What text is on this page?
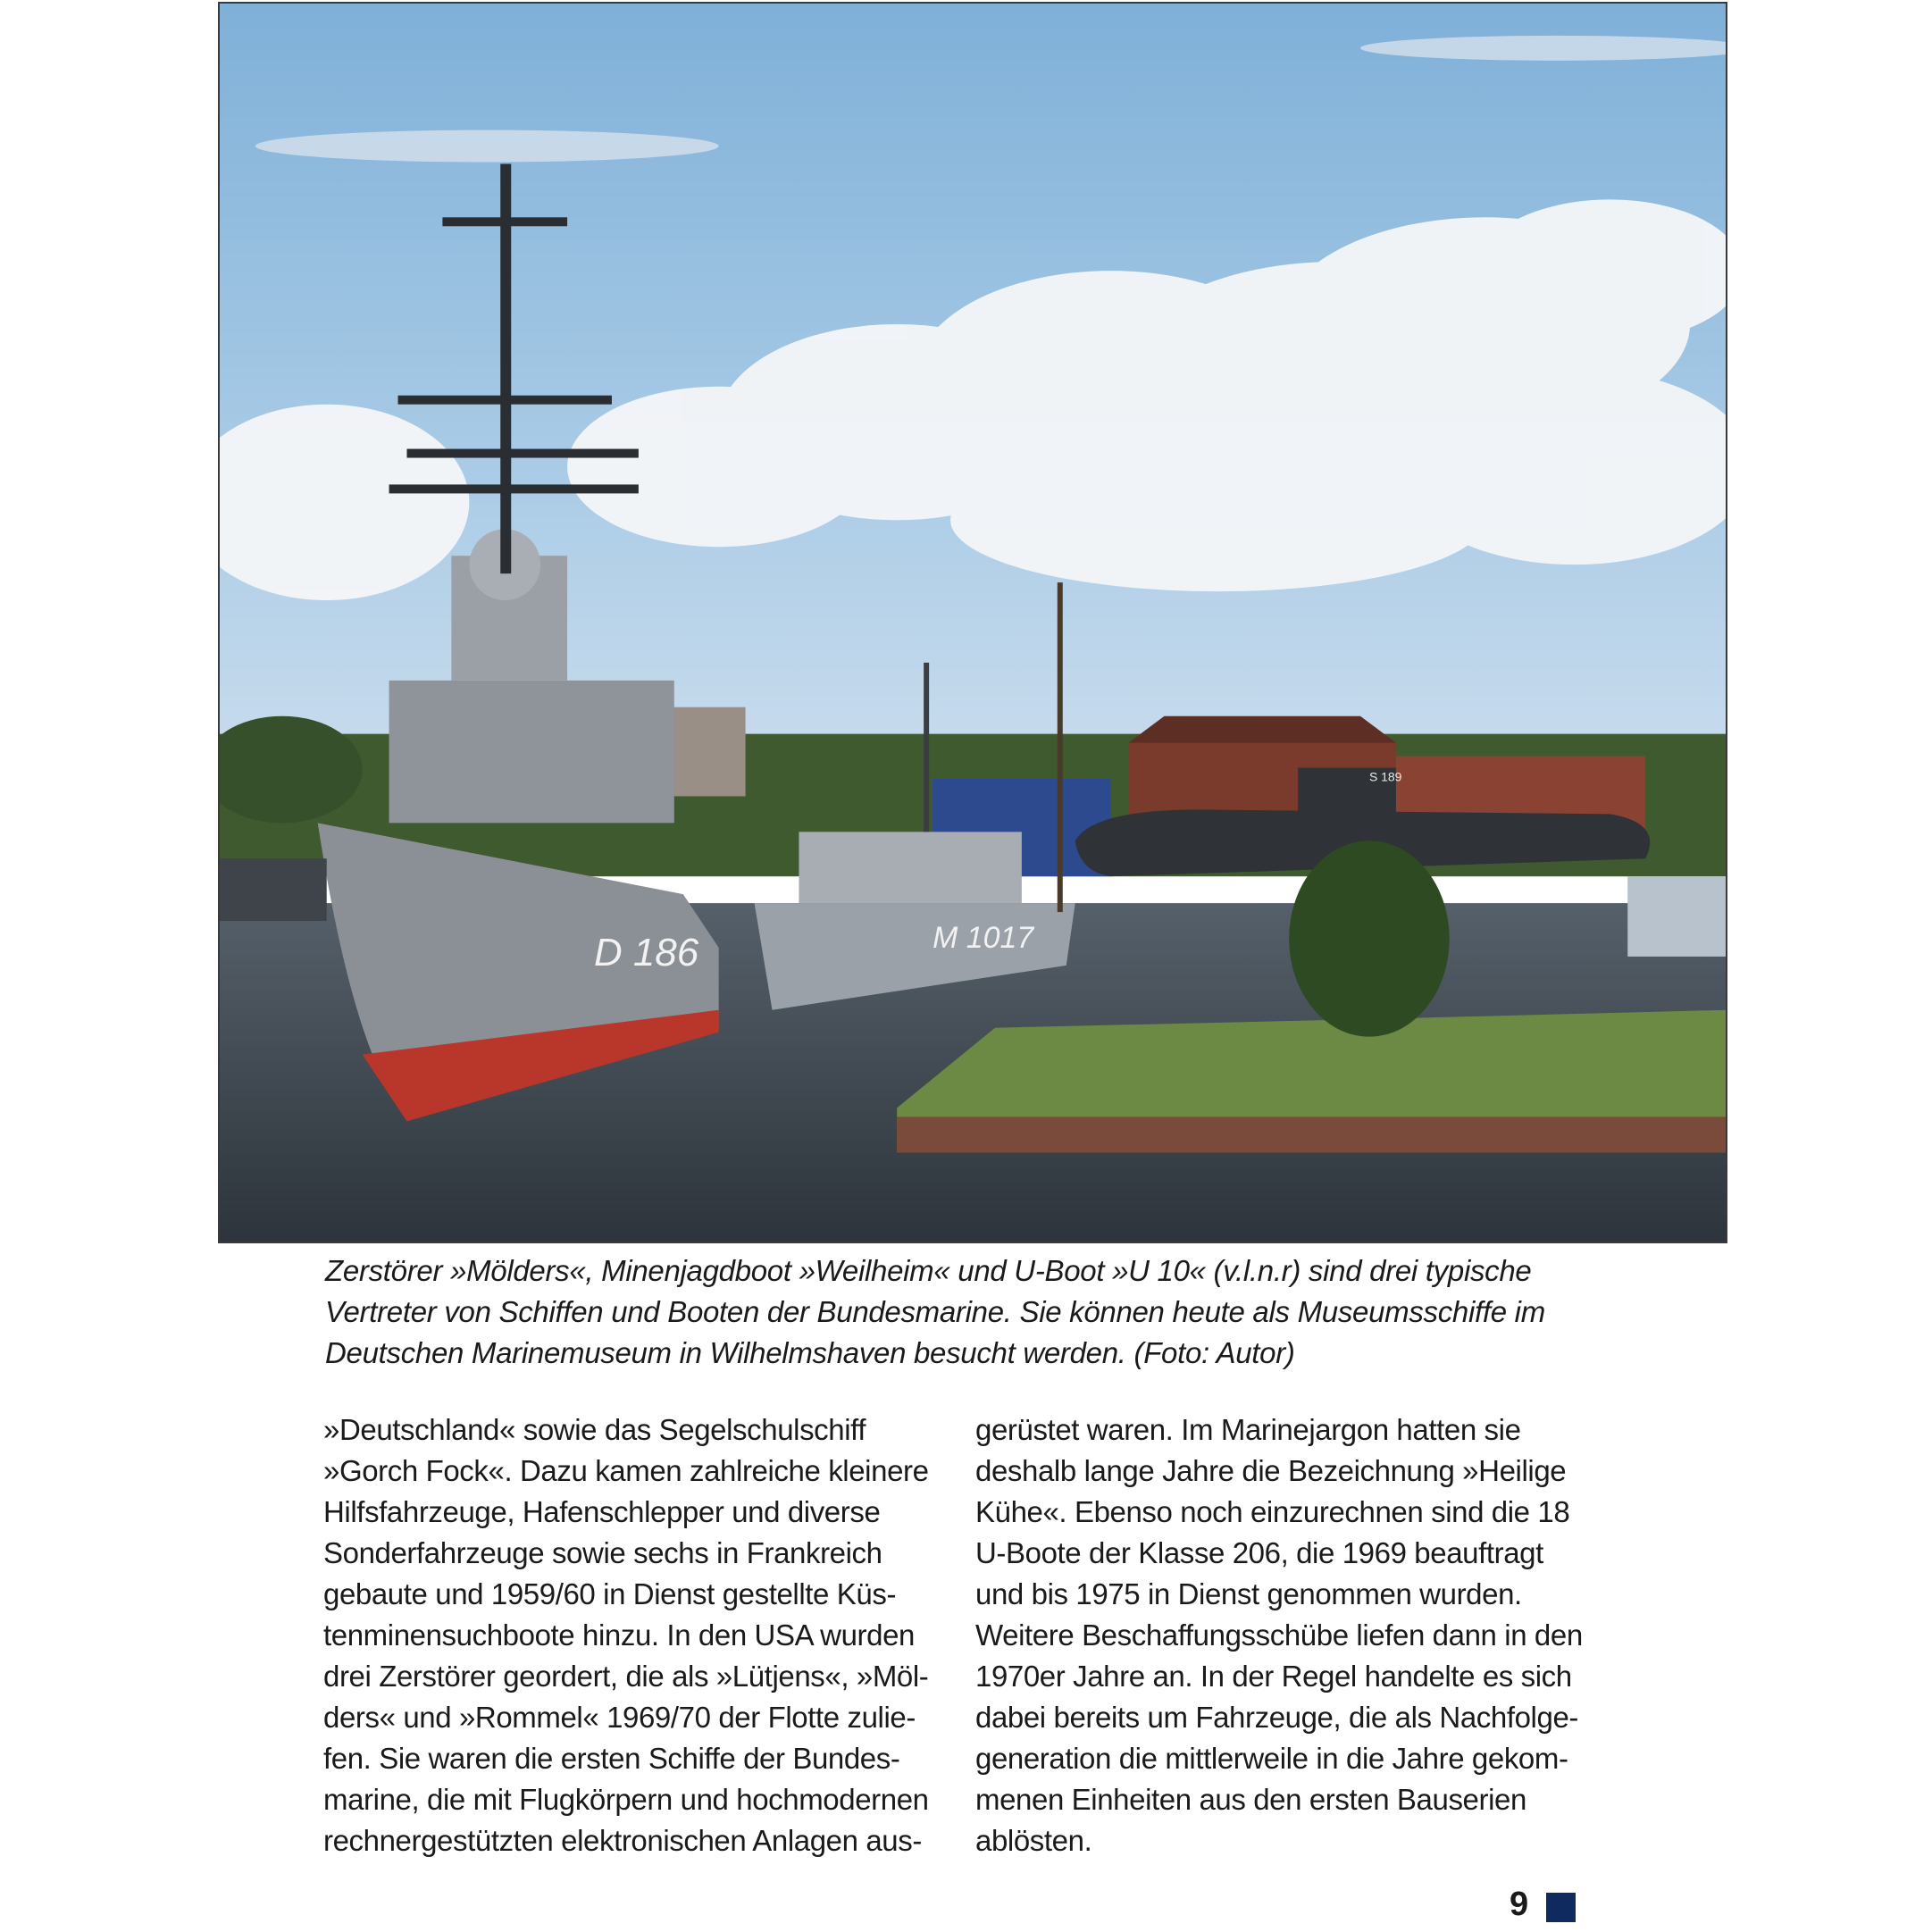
D 186	M 1017
S 189
Zerstörer »Mölders«, Minenjagdboot »Weilheim« und U-Boot »U 10« (v.l.n.r) sind drei typische
Vertreter von Schiffen und Booten der Bundesmarine. Sie können heute als Museumsschiffe im
Deutschen Marinemuseum in Wilhelmshaven besucht werden. (Foto: Autor)
»Deutschland« sowie das Segelschulschiff
»Gorch Fock«. Dazu kamen zahlreiche kleinere
Hilfsfahrzeuge, Hafenschlepper und diverse
Sonderfahrzeuge sowie sechs in Frankreich
gebaute und 1959/60 in Dienst gestellte Küs-
tenminensuchboote hinzu. In den USA wurden
drei Zerstörer geordert, die als »Lütjens«, »Möl-
ders« und »Rommel« 1969/70 der Flotte zulie-
fen. Sie waren die ersten Schiffe der Bundes-
marine, die mit Flugkörpern und hochmodernen
rechnergestützten elektronischen Anlagen aus-
gerüstet waren. Im Marinejargon hatten sie
deshalb lange Jahre die Bezeichnung »Heilige
Kühe«. Ebenso noch einzurechnen sind die 18
U-Boote der Klasse 206, die 1969 beauftragt
und bis 1975 in Dienst genommen wurden.
Weitere Beschaffungsschübe liefen dann in den
1970er Jahre an. In der Regel handelte es sich
dabei bereits um Fahrzeuge, die als Nachfolge-
generation die mittlerweile in die Jahre gekom-
menen Einheiten aus den ersten Bauserien
ablösten.
9
